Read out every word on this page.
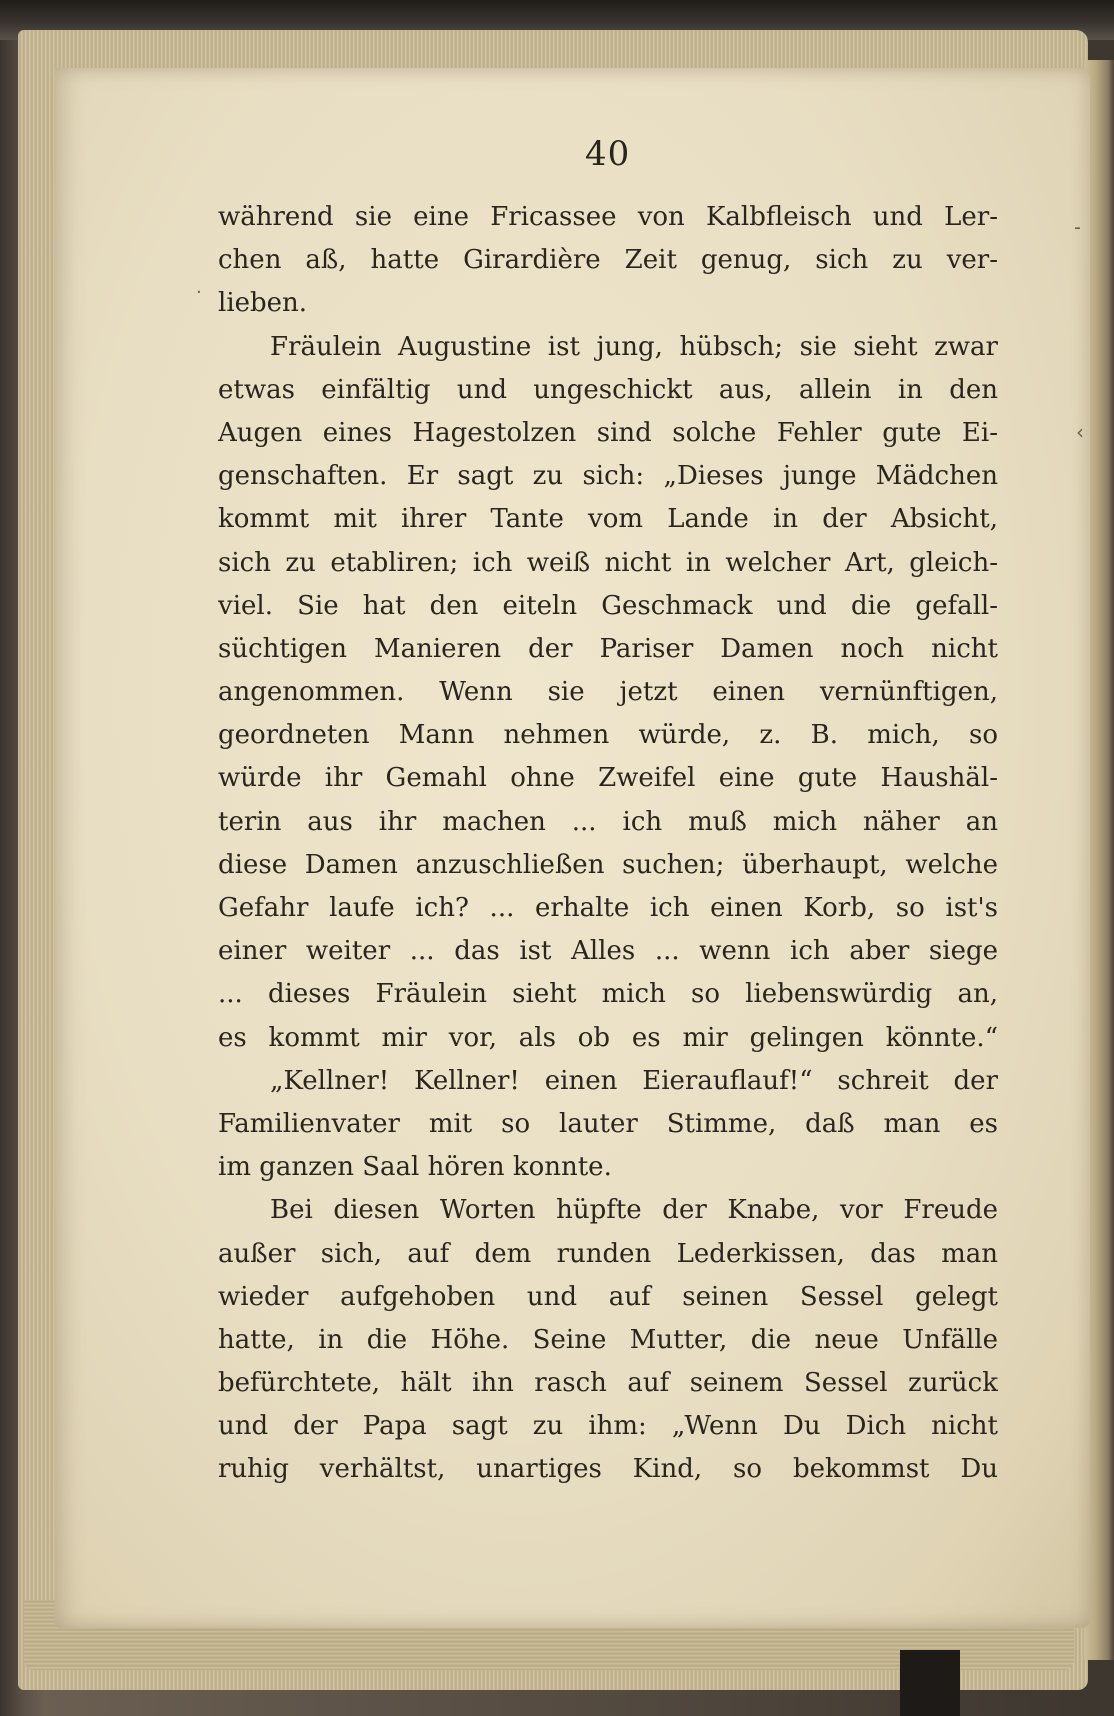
40
während sie eine Fricassee von Kalbfleisch und Ler-
chen aß, hatte Girardière Zeit genug, sich zu ver-
lieben.
Fräulein Augustine ist jung, hübsch; sie sieht zwar
etwas einfältig und ungeschickt aus, allein in den
Augen eines Hagestolzen sind solche Fehler gute Ei-
genschaften. Er sagt zu sich: „Dieses junge Mädchen
kommt mit ihrer Tante vom Lande in der Absicht,
sich zu etabliren; ich weiß nicht in welcher Art, gleich-
viel. Sie hat den eiteln Geschmack und die gefall-
süchtigen Manieren der Pariser Damen noch nicht
angenommen. Wenn sie jetzt einen vernünftigen,
geordneten Mann nehmen würde, z. B. mich, so
würde ihr Gemahl ohne Zweifel eine gute Haushäl-
terin aus ihr machen ... ich muß mich näher an
diese Damen anzuschließen suchen; überhaupt, welche
Gefahr laufe ich? ... erhalte ich einen Korb, so ist's
einer weiter ... das ist Alles ... wenn ich aber siege
... dieses Fräulein sieht mich so liebenswürdig an,
es kommt mir vor, als ob es mir gelingen könnte.“
„Kellner! Kellner! einen Eierauflauf!“ schreit der
Familienvater mit so lauter Stimme, daß man es
im ganzen Saal hören konnte.
Bei diesen Worten hüpfte der Knabe, vor Freude
außer sich, auf dem runden Lederkissen, das man
wieder aufgehoben und auf seinen Sessel gelegt
hatte, in die Höhe. Seine Mutter, die neue Unfälle
befürchtete, hält ihn rasch auf seinem Sessel zurück
und der Papa sagt zu ihm: „Wenn Du Dich nicht
ruhig verhältst, unartiges Kind, so bekommst Du
˗
‹
·
